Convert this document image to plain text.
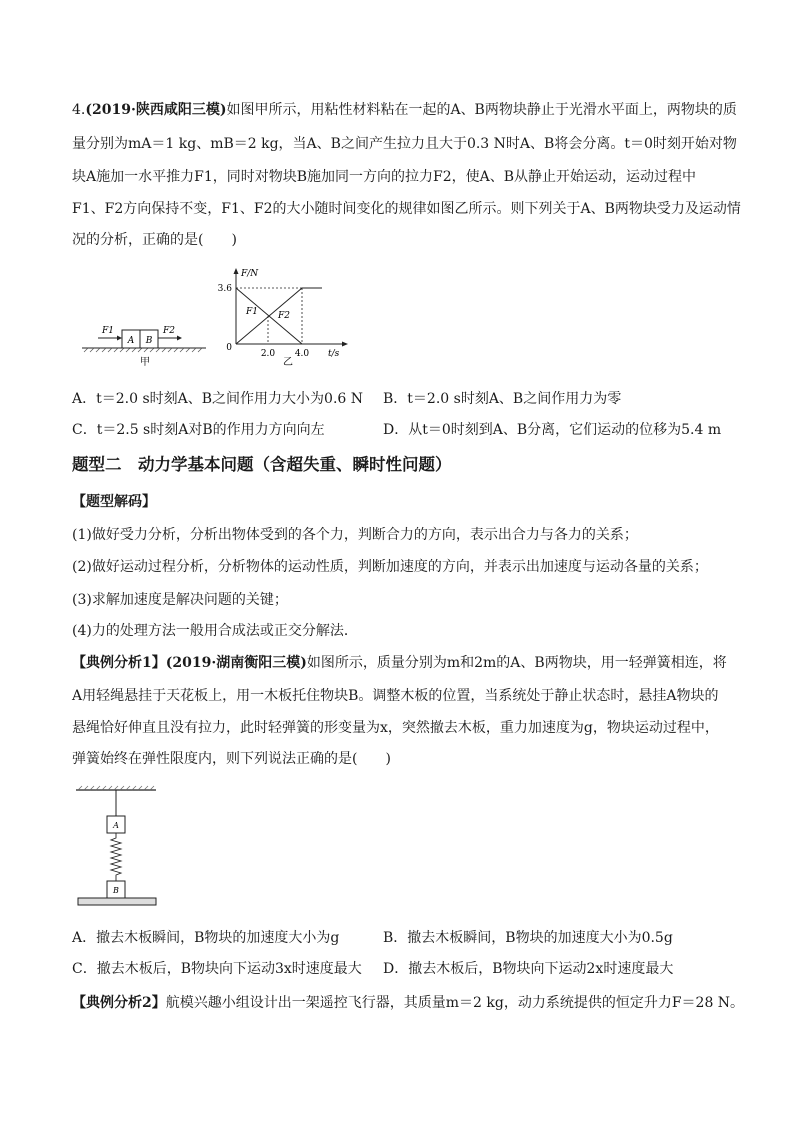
4.(2019·陕西咸阳三模)如图甲所示，用粘性材料粘在一起的A、B两物块静止于光滑水平面上，两物块的质
量分别为mA＝1 kg、mB＝2 kg，当A、B之间产生拉力且大于0.3 N时A、B将会分离。t＝0时刻开始对物
块A施加一水平推力F1，同时对物块B施加同一方向的拉力F2，使A、B从静止开始运动，运动过程中
F1、F2方向保持不变，F1、F2的大小随时间变化的规律如图乙所示。则下列关于A、B两物块受力及运动情
况的分析，正确的是(　　)
A B
F1	F2
甲
F/N
t/s
3.6
0
2.0 4.0
F1 F2
乙
A．t＝2.0 s时刻A、B之间作用力大小为0.6 N B．t＝2.0 s时刻A、B之间作用力为零
C．t＝2.5 s时刻A对B的作用力方向向左	D．从t＝0时刻到A、B分离，它们运动的位移为5.4 m
题型二　动力学基本问题（含超失重、瞬时性问题）
【题型解码】
(1)做好受力分析，分析出物体受到的各个力，判断合力的方向，表示出合力与各力的关系；
(2)做好运动过程分析，分析物体的运动性质，判断加速度的方向，并表示出加速度与运动各量的关系；
(3)求解加速度是解决问题的关键；
(4)力的处理方法一般用合成法或正交分解法．
【典例分析1】(2019·湖南衡阳三模)如图所示，质量分别为m和2m的A、B两物块，用一轻弹簧相连，将
A用轻绳悬挂于天花板上，用一木板托住物块B。调整木板的位置，当系统处于静止状态时，悬挂A物块的
悬绳恰好伸直且没有拉力，此时轻弹簧的形变量为x，突然撤去木板，重力加速度为g，物块运动过程中，
弹簧始终在弹性限度内，则下列说法正确的是(　　)
A
B
A．撤去木板瞬间，B物块的加速度大小为g	B．撤去木板瞬间，B物块的加速度大小为0.5g
C．撤去木板后，B物块向下运动3x时速度最大 D．撤去木板后，B物块向下运动2x时速度最大
【典例分析2】航模兴趣小组设计出一架遥控飞行器，其质量m＝2 kg，动力系统提供的恒定升力F＝28 N。
